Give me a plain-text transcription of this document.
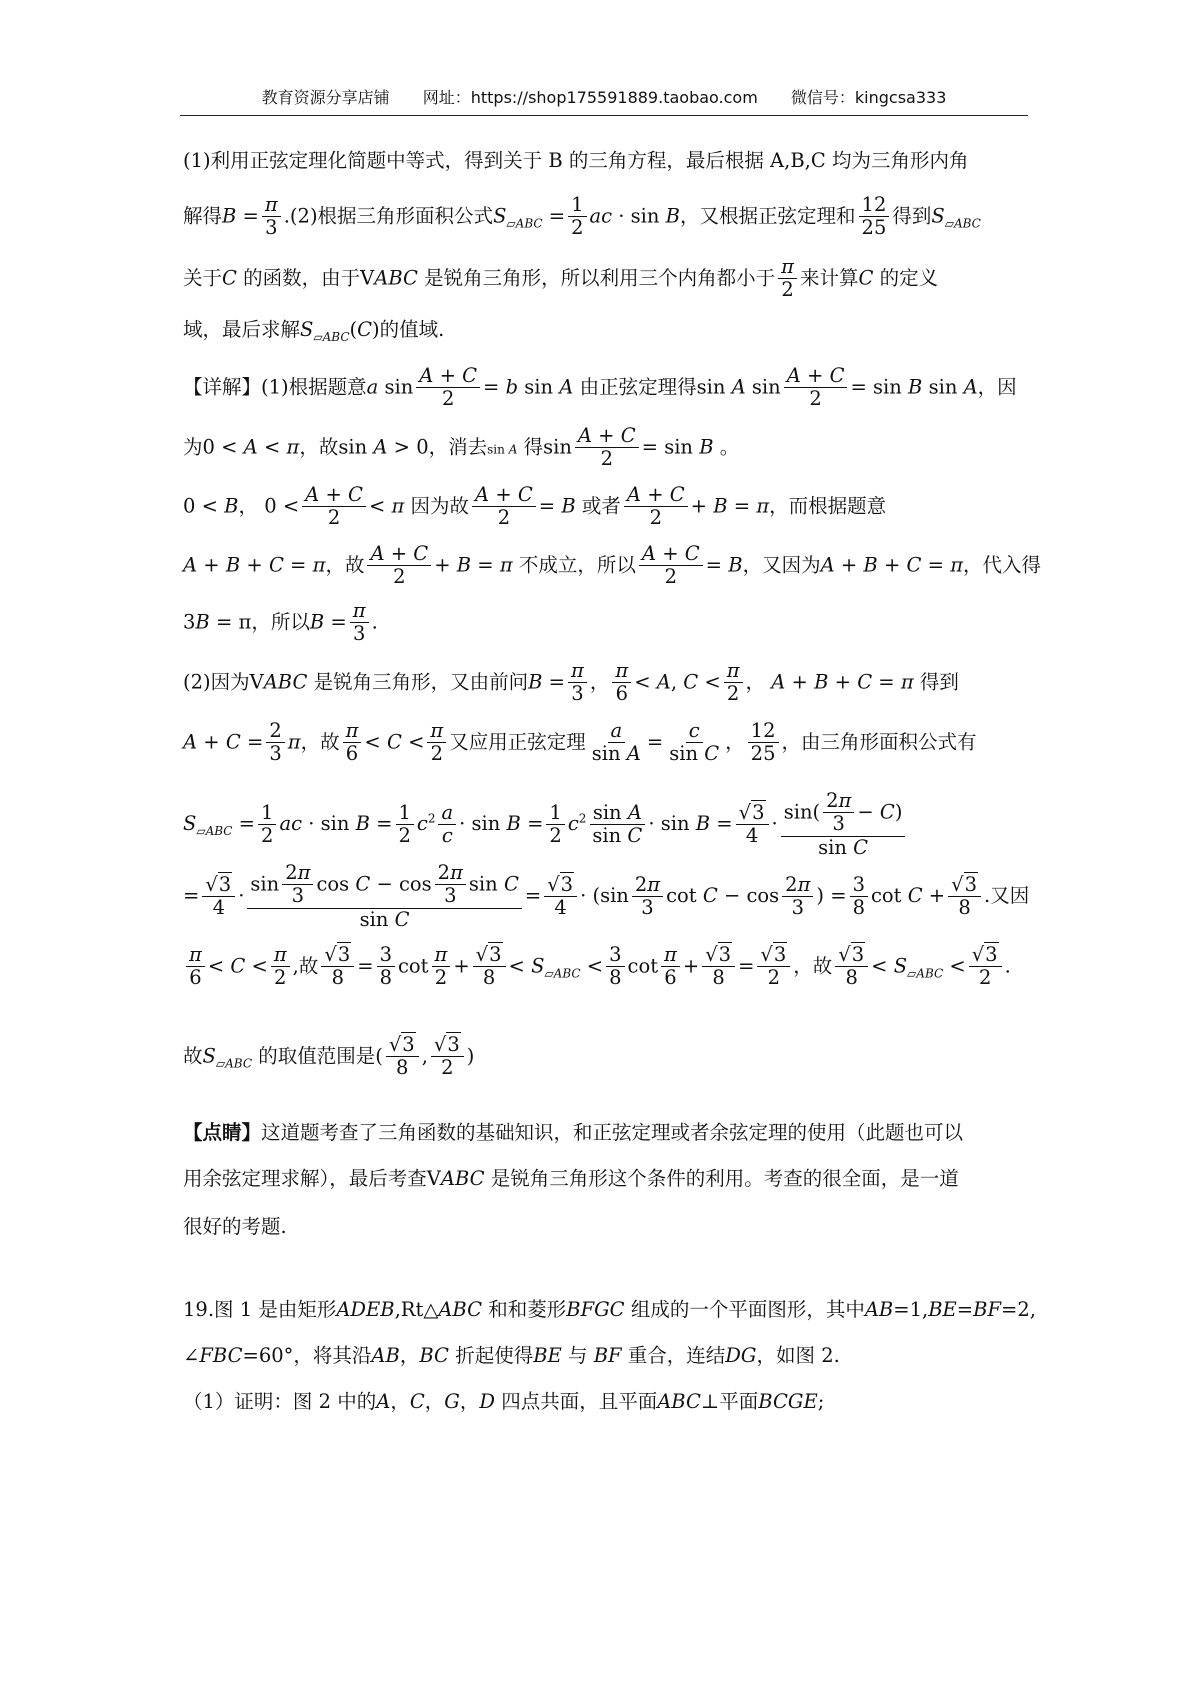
教育资源分享店铺 网址：https://shop175591889.taobao.com 微信号：kingcsa333
(1)利用正弦定理化简题中等式，得到关于 B 的三角方程，最后根据 A,B,C 均为三角形内角
解得$B = \frac{\pi}{3} .(2)$根据三角形面积公式$S_{▱ABC} = \frac{1}{2}$ ac · sin B，又根据正弦定理和 $\frac{12}{25}$ 得到$S_{▱ABC}$
关于C 的函数，由于VABC 是锐角三角形，所以利用三个内角都小于 $\frac{\pi}{2}$ 来计算C 的定义
域，最后求解$S_{▱ABC}(C)$的值域.
【详解】(1)根据题意a $\sin \frac{A + C}{2} = b$ sin A 由正弦定理得sin A $\sin \frac{A + C}{2} = \sin B$ sin A，因
为0 < A < π，故sin A > 0，消去sin A 得$\sin \frac{A + C}{2} = \sin B$ 。
0 < B， $0 < \frac{A + C}{2} < \pi$ 因为故 $\frac{A + C}{2} = B$ 或者 $\frac{A + C}{2} + B = \pi$，而根据题意
A + B + C = π，故 $\frac{A + C}{2} + B = \pi$ 不成立，所以 $\frac{A + C}{2} = B$，又因为A + B + C = π，代入得
3B = π，所以$B = \frac{\pi}{3}$ .
(2)因为VABC 是锐角三角形，又由前问$B = \frac{\pi}{3}$ ， $\frac{\pi}{6} < A$, $C < \frac{\pi}{2}$ ， A + B + C = π 得到
$A + C = \frac{2}{3}$ π，故 $\frac{\pi}{6} < C < \frac{\pi}{2}$ 又应用正弦定理 $\frac{a}{\text{sin A}} = \frac{c}{\text{sin C}}$ ， $\frac{12}{25}$ ，由三角形面积公式有
$S_{▱ABC} = \frac{1}{2}$ ac · $\sin B = \frac{1}{2} c^2 \frac{a}{c} \cdot \sin B = \frac{1}{2} c^2 \frac{\text{sin A}}{\text{sin C}} \cdot \sin B = \frac{√3}{4} \cdot \frac{\sin( \frac{2\pi}{3} - C)}{\text{sin C}}$
= $\frac{√3}{4} \cdot \frac{\sin \frac{2\pi}{3} \cos C - \cos \frac{2\pi}{3} \sin C}{\text{sin C}} = \frac{√3}{4} \cdot (\sin \frac{2\pi}{3}$ $\cot C - \cos \frac{2\pi}{3}$ ) = $\frac{3}{8}$ $\cot C + \frac{√3}{8}$ .又因
$\frac{\pi}{6} < C < \frac{\pi}{2}$ ,故 $\frac{√3}{8} = \frac{3}{8}$ $\cot \frac{\pi}{2} + \frac{√3}{8} < S_{▱ABC} < \frac{3}{8}$ $\cot \frac{\pi}{6} + \frac{√3}{8} = \frac{√3}{2}$ ，故 $\frac{√3}{8} < S_{▱ABC} < \frac{√3}{2}$ .
故$S_{▱ABC}$ 的取值范围是( $\frac{√3}{8}$ , $\frac{√3}{2}$ )
【点睛】这道题考查了三角函数的基础知识，和正弦定理或者余弦定理的使用（此题也可以
用余弦定理求解），最后考查VABC 是锐角三角形这个条件的利用。考查的很全面，是一道
很好的考题.
19.图 1 是由矩形ADEB,Rt△ABC 和和菱形BFGC 组成的一个平面图形，其中AB=1,BE=BF=2,
∠FBC=60°，将其沿AB，BC 折起使得BE 与 BF 重合，连结DG，如图 2.
（1）证明：图 2 中的A，C，G，D 四点共面，且平面ABC⊥平面BCGE;
